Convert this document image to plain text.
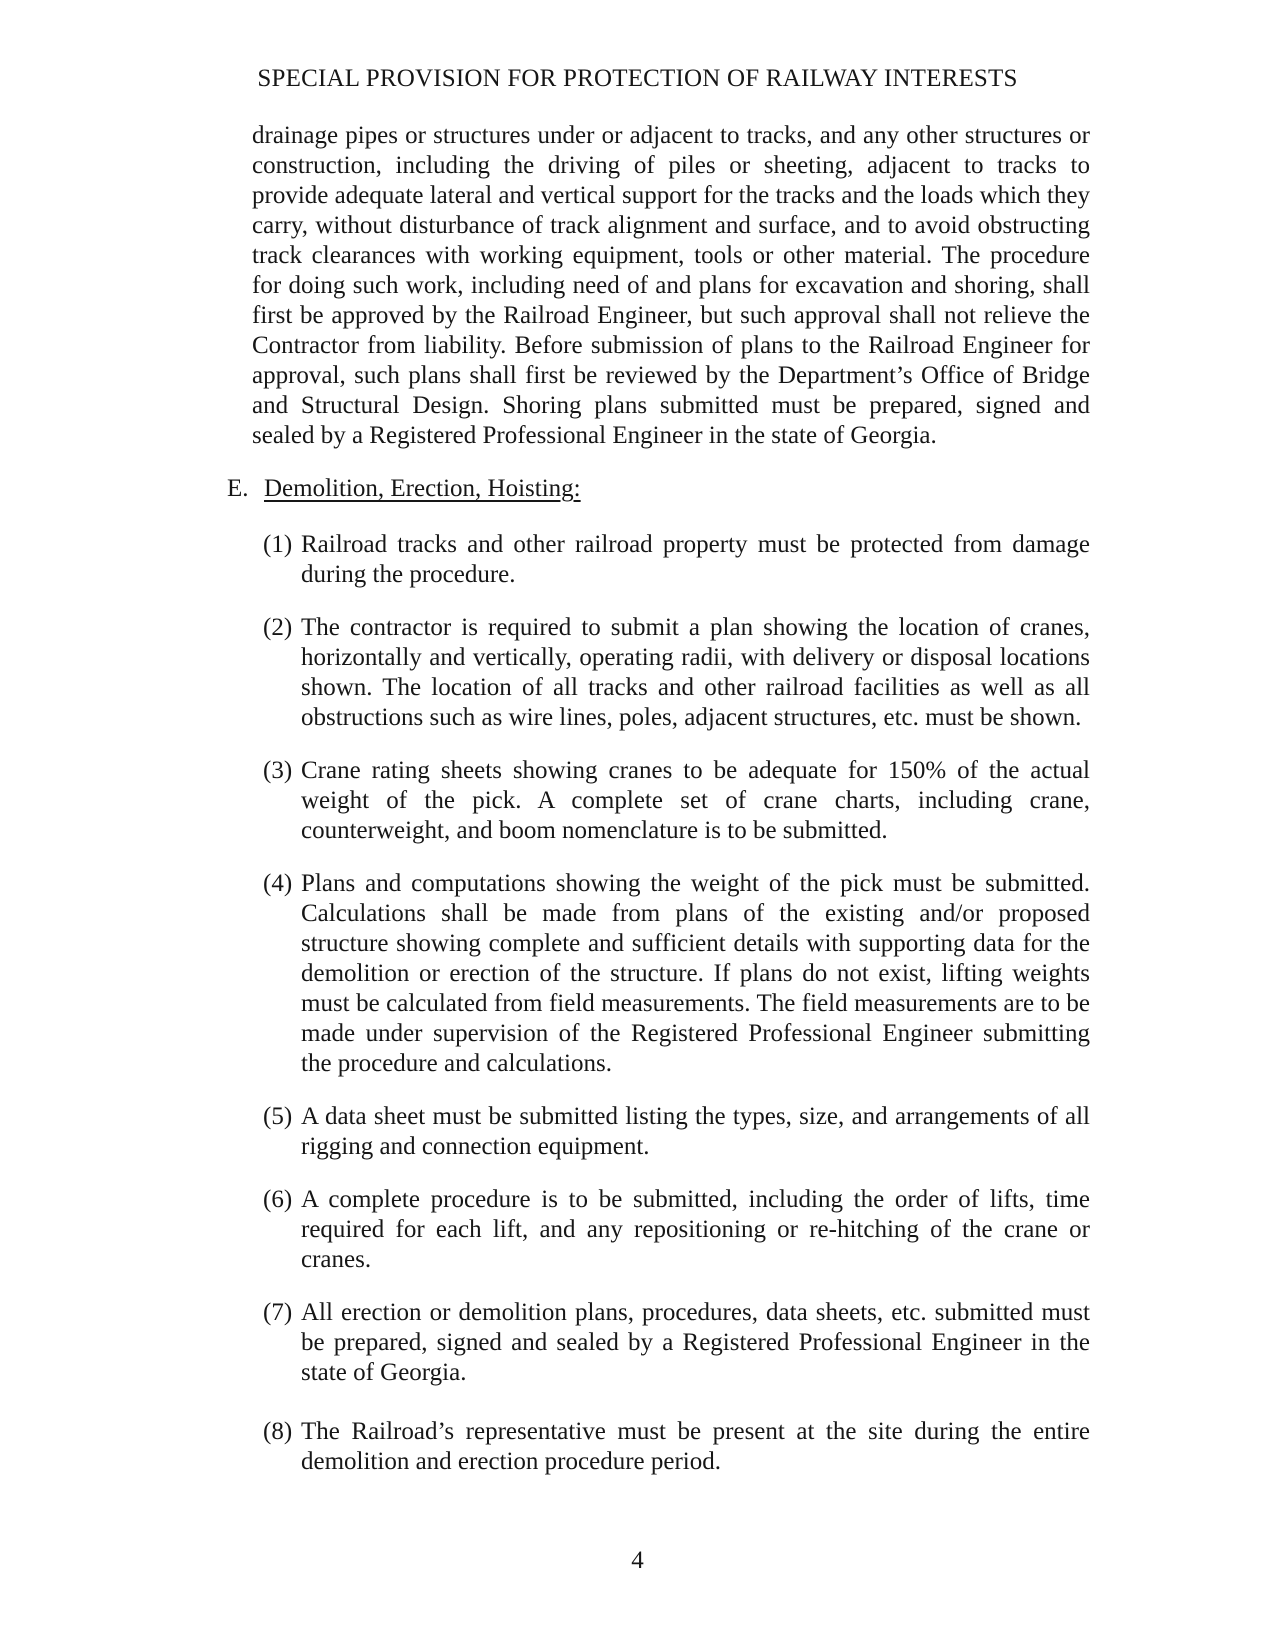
SPECIAL PROVISION FOR PROTECTION OF RAILWAY INTERESTS
drainage pipes or structures under or adjacent to tracks, and any other structures or construction, including the driving of piles or sheeting, adjacent to tracks to provide adequate lateral and vertical support for the tracks and the loads which they carry, without disturbance of track alignment and surface, and to avoid obstructing track clearances with working equipment, tools or other material. The procedure for doing such work, including need of and plans for excavation and shoring, shall first be approved by the Railroad Engineer, but such approval shall not relieve the Contractor from liability. Before submission of plans to the Railroad Engineer for approval, such plans shall first be reviewed by the Department’s Office of Bridge and Structural Design. Shoring plans submitted must be prepared, signed and sealed by a Registered Professional Engineer in the state of Georgia.
E. Demolition, Erection, Hoisting:
(1) Railroad tracks and other railroad property must be protected from damage during the procedure.
(2) The contractor is required to submit a plan showing the location of cranes, horizontally and vertically, operating radii, with delivery or disposal locations shown. The location of all tracks and other railroad facilities as well as all obstructions such as wire lines, poles, adjacent structures, etc. must be shown.
(3) Crane rating sheets showing cranes to be adequate for 150% of the actual weight of the pick. A complete set of crane charts, including crane, counterweight, and boom nomenclature is to be submitted.
(4) Plans and computations showing the weight of the pick must be submitted. Calculations shall be made from plans of the existing and/or proposed structure showing complete and sufficient details with supporting data for the demolition or erection of the structure. If plans do not exist, lifting weights must be calculated from field measurements. The field measurements are to be made under supervision of the Registered Professional Engineer submitting the procedure and calculations.
(5) A data sheet must be submitted listing the types, size, and arrangements of all rigging and connection equipment.
(6) A complete procedure is to be submitted, including the order of lifts, time required for each lift, and any repositioning or re-hitching of the crane or cranes.
(7) All erection or demolition plans, procedures, data sheets, etc. submitted must be prepared, signed and sealed by a Registered Professional Engineer in the state of Georgia.
(8) The Railroad’s representative must be present at the site during the entire demolition and erection procedure period.
4
